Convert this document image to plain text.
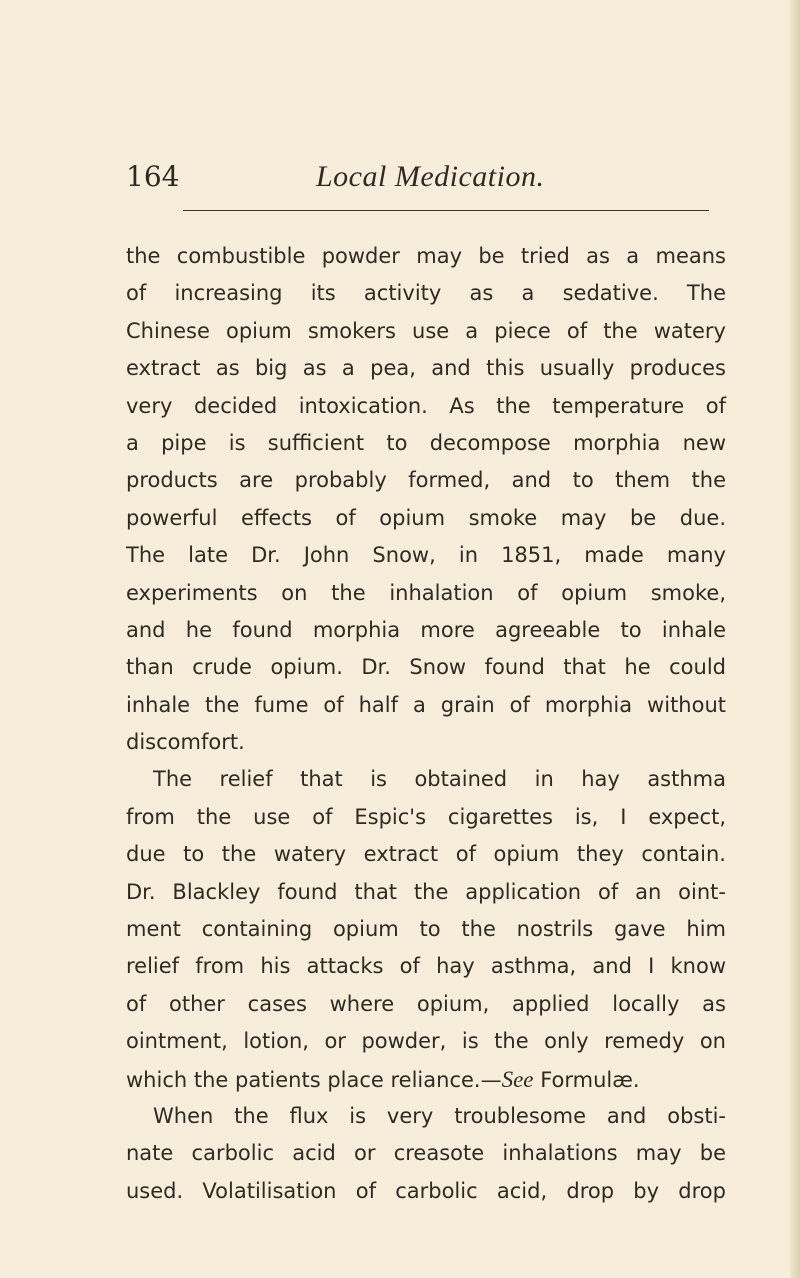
164	Local Medication.
the combustible powder may be tried as a means
of increasing its activity as a sedative. The
Chinese opium smokers use a piece of the watery
extract as big as a pea, and this usually produces
very decided intoxication. As the temperature of
a pipe is sufficient to decompose morphia new
products are probably formed, and to them the
powerful effects of opium smoke may be due.
The late Dr. John Snow, in 1851, made many
experiments on the inhalation of opium smoke,
and he found morphia more agreeable to inhale
than crude opium. Dr. Snow found that he could
inhale the fume of half a grain of morphia without
discomfort.
The relief that is obtained in hay asthma
from the use of Espic's cigarettes is, I expect,
due to the watery extract of opium they contain.
Dr. Blackley found that the application of an oint-
ment containing opium to the nostrils gave him
relief from his attacks of hay asthma, and I know
of other cases where opium, applied locally as
ointment, lotion, or powder, is the only remedy on
which the patients place reliance.—See Formulæ.
When the flux is very troublesome and obsti-
nate carbolic acid or creasote inhalations may be
used. Volatilisation of carbolic acid, drop by drop
